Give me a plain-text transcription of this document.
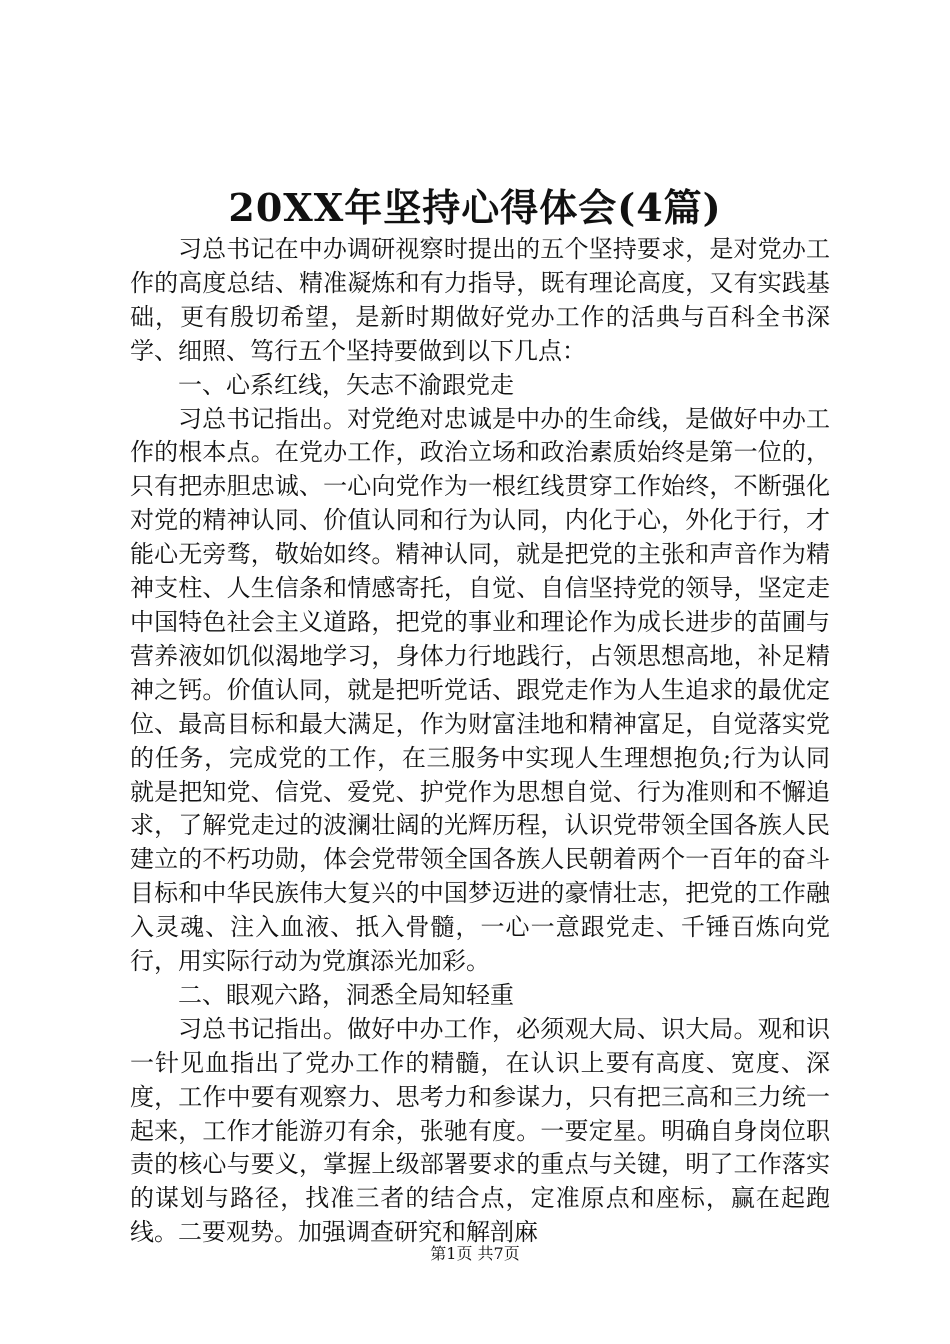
20XX年坚持心得体会(4篇)

习总书记在中办调研视察时提出的五个坚持要求，是对党办工作的高度总结、精准凝炼和有力指导，既有理论高度，又有实践基础，更有殷切希望，是新时期做好党办工作的活典与百科全书深学、细照、笃行五个坚持要做到以下几点：

一、心系红线，矢志不渝跟党走

习总书记指出。对党绝对忠诚是中办的生命线，是做好中办工作的根本点。在党办工作，政治立场和政治素质始终是第一位的，只有把赤胆忠诚、一心向党作为一根红线贯穿工作始终，不断强化对党的精神认同、价值认同和行为认同，内化于心，外化于行，才能心无旁骛，敬始如终。精神认同，就是把党的主张和声音作为精神支柱、人生信条和情感寄托，自觉、自信坚持党的领导，坚定走中国特色社会主义道路，把党的事业和理论作为成长进步的苗圃与营养液如饥似渴地学习，身体力行地践行，占领思想高地，补足精神之钙。价值认同，就是把听党话、跟党走作为人生追求的最优定位、最高目标和最大满足，作为财富洼地和精神富足，自觉落实党的任务，完成党的工作，在三服务中实现人生理想抱负;行为认同就是把知党、信党、爱党、护党作为思想自觉、行为准则和不懈追求，了解党走过的波澜壮阔的光辉历程，认识党带领全国各族人民建立的不朽功勋，体会党带领全国各族人民朝着两个一百年的奋斗目标和中华民族伟大复兴的中国梦迈进的豪情壮志，把党的工作融入灵魂、注入血液、扺入骨髓，一心一意跟党走、千锤百炼向党行，用实际行动为党旗添光加彩。

二、眼观六路，洞悉全局知轻重

习总书记指出。做好中办工作，必须观大局、识大局。观和识一针见血指出了党办工作的精髓，在认识上要有高度、宽度、深度，工作中要有观察力、思考力和参谋力，只有把三高和三力统一起来，工作才能游刃有余，张驰有度。一要定星。明确自身岗位职责的核心与要义，掌握上级部署要求的重点与关键，明了工作落实的谋划与路径，找准三者的结合点，定准原点和座标，赢在起跑线。二要观势。加强调查研究和解剖麻

第1页 共7页
